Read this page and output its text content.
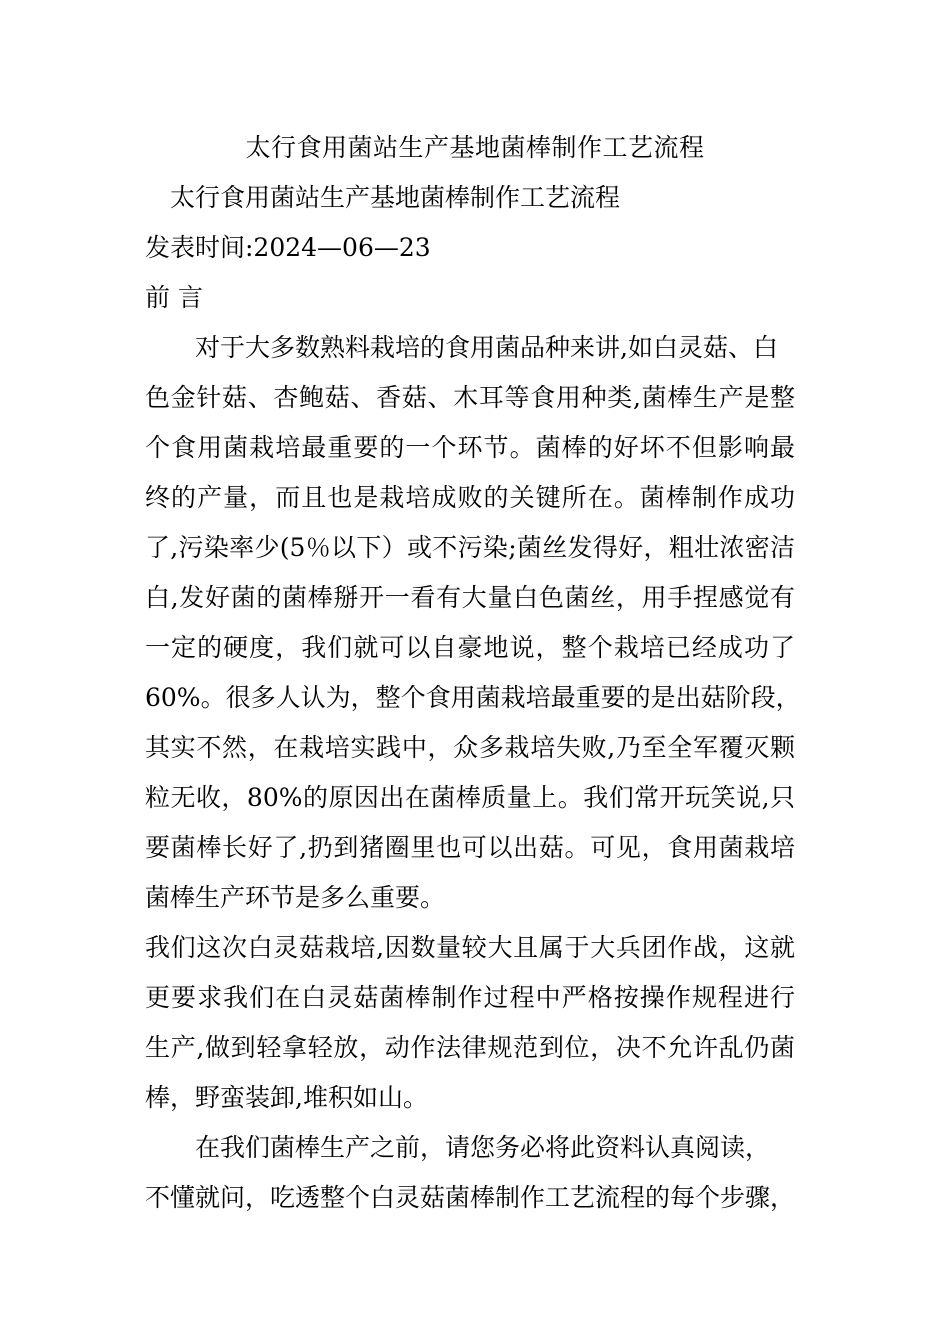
太行食用菌站生产基地菌棒制作工艺流程

太行食用菌站生产基地菌棒制作工艺流程

发表时间:2024—06—23

前 言

对于大多数熟料栽培的食用菌品种来讲,如白灵菇、白

色金针菇、杏鲍菇、香菇、木耳等食用种类,菌棒生产是整

个食用菌栽培最重要的一个环节。菌棒的好坏不但影响最

终的产量，而且也是栽培成败的关键所在。菌棒制作成功

了,污染率少(5％以下）或不污染;菌丝发得好，粗壮浓密洁

白,发好菌的菌棒掰开一看有大量白色菌丝，用手捏感觉有

一定的硬度，我们就可以自豪地说，整个栽培已经成功了

60%。很多人认为，整个食用菌栽培最重要的是出菇阶段，

其实不然，在栽培实践中，众多栽培失败,乃至全军覆灭颗

粒无收，80%的原因出在菌棒质量上。我们常开玩笑说,只

要菌棒长好了,扔到猪圈里也可以出菇。可见，食用菌栽培

菌棒生产环节是多么重要。

我们这次白灵菇栽培,因数量较大且属于大兵团作战，这就

更要求我们在白灵菇菌棒制作过程中严格按操作规程进行

生产,做到轻拿轻放，动作法律规范到位，决不允许乱仍菌

棒，野蛮装卸,堆积如山。

在我们菌棒生产之前，请您务必将此资料认真阅读，

不懂就问，吃透整个白灵菇菌棒制作工艺流程的每个步骤，
